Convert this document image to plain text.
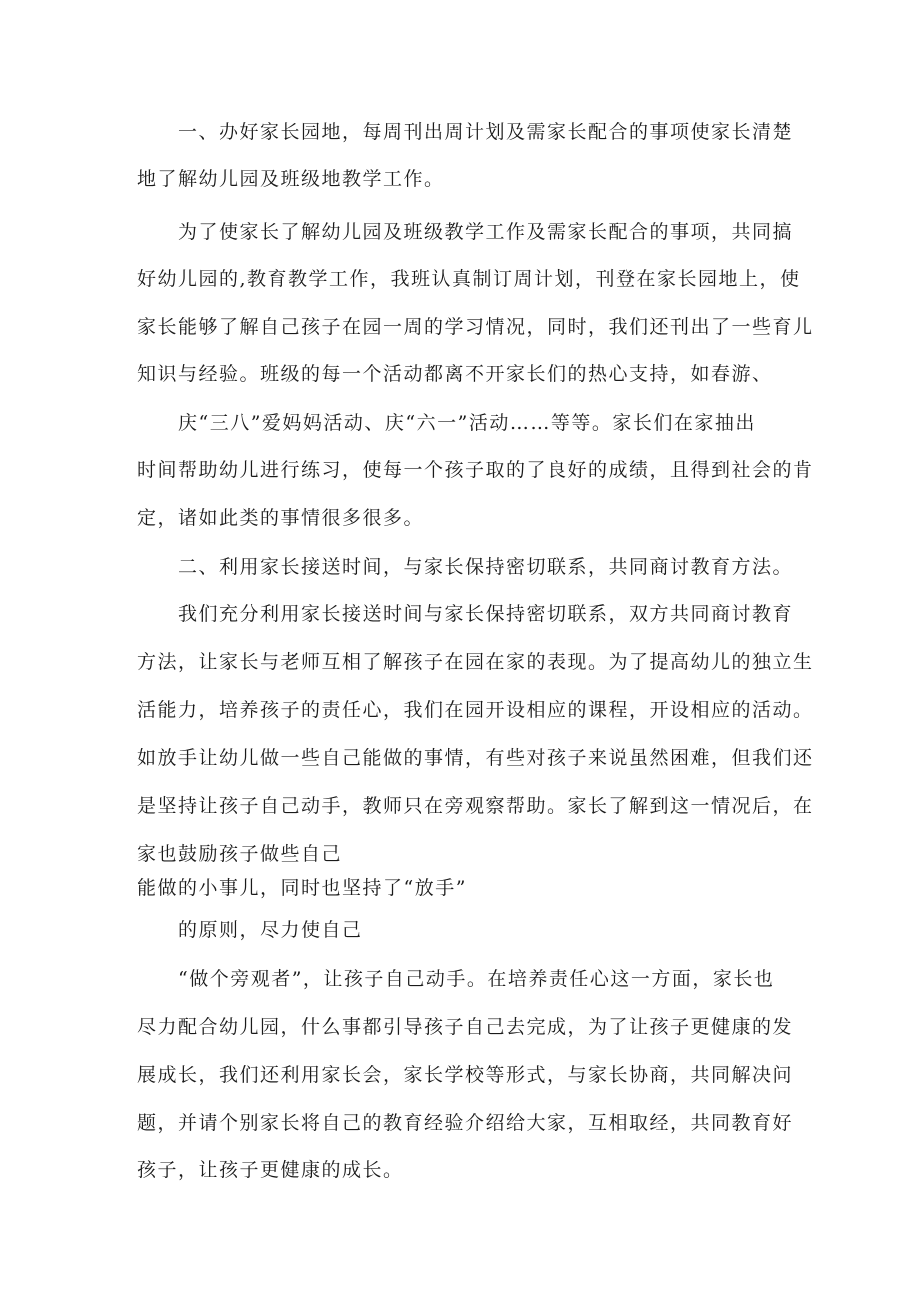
一、办好家长园地，每周刊出周计划及需家长配合的事项使家长清楚
地了解幼儿园及班级地教学工作。
为了使家长了解幼儿园及班级教学工作及需家长配合的事项，共同搞
好幼儿园的,教育教学工作，我班认真制订周计划，刊登在家长园地上，使
家长能够了解自己孩子在园一周的学习情况，同时，我们还刊出了一些育儿
知识与经验。班级的每一个活动都离不开家长们的热心支持，如春游、
庆“三八”爱妈妈活动、庆“六一”活动……等等。家长们在家抽出
时间帮助幼儿进行练习，使每一个孩子取的了良好的成绩，且得到社会的肯
定，诸如此类的事情很多很多。
二、利用家长接送时间，与家长保持密切联系，共同商讨教育方法。
我们充分利用家长接送时间与家长保持密切联系，双方共同商讨教育
方法，让家长与老师互相了解孩子在园在家的表现。为了提高幼儿的独立生
活能力，培养孩子的责任心，我们在园开设相应的课程，开设相应的活动。
如放手让幼儿做一些自己能做的事情，有些对孩子来说虽然困难，但我们还
是坚持让孩子自己动手，教师只在旁观察帮助。家长了解到这一情况后，在
家也鼓励孩子做些自己
能做的小事儿，同时也坚持了“放手”
的原则，尽力使自己
“做个旁观者”，让孩子自己动手。在培养责任心这一方面，家长也
尽力配合幼儿园，什么事都引导孩子自己去完成，为了让孩子更健康的发
展成长，我们还利用家长会，家长学校等形式，与家长协商，共同解决问
题，并请个别家长将自己的教育经验介绍给大家，互相取经，共同教育好
孩子，让孩子更健康的成长。
